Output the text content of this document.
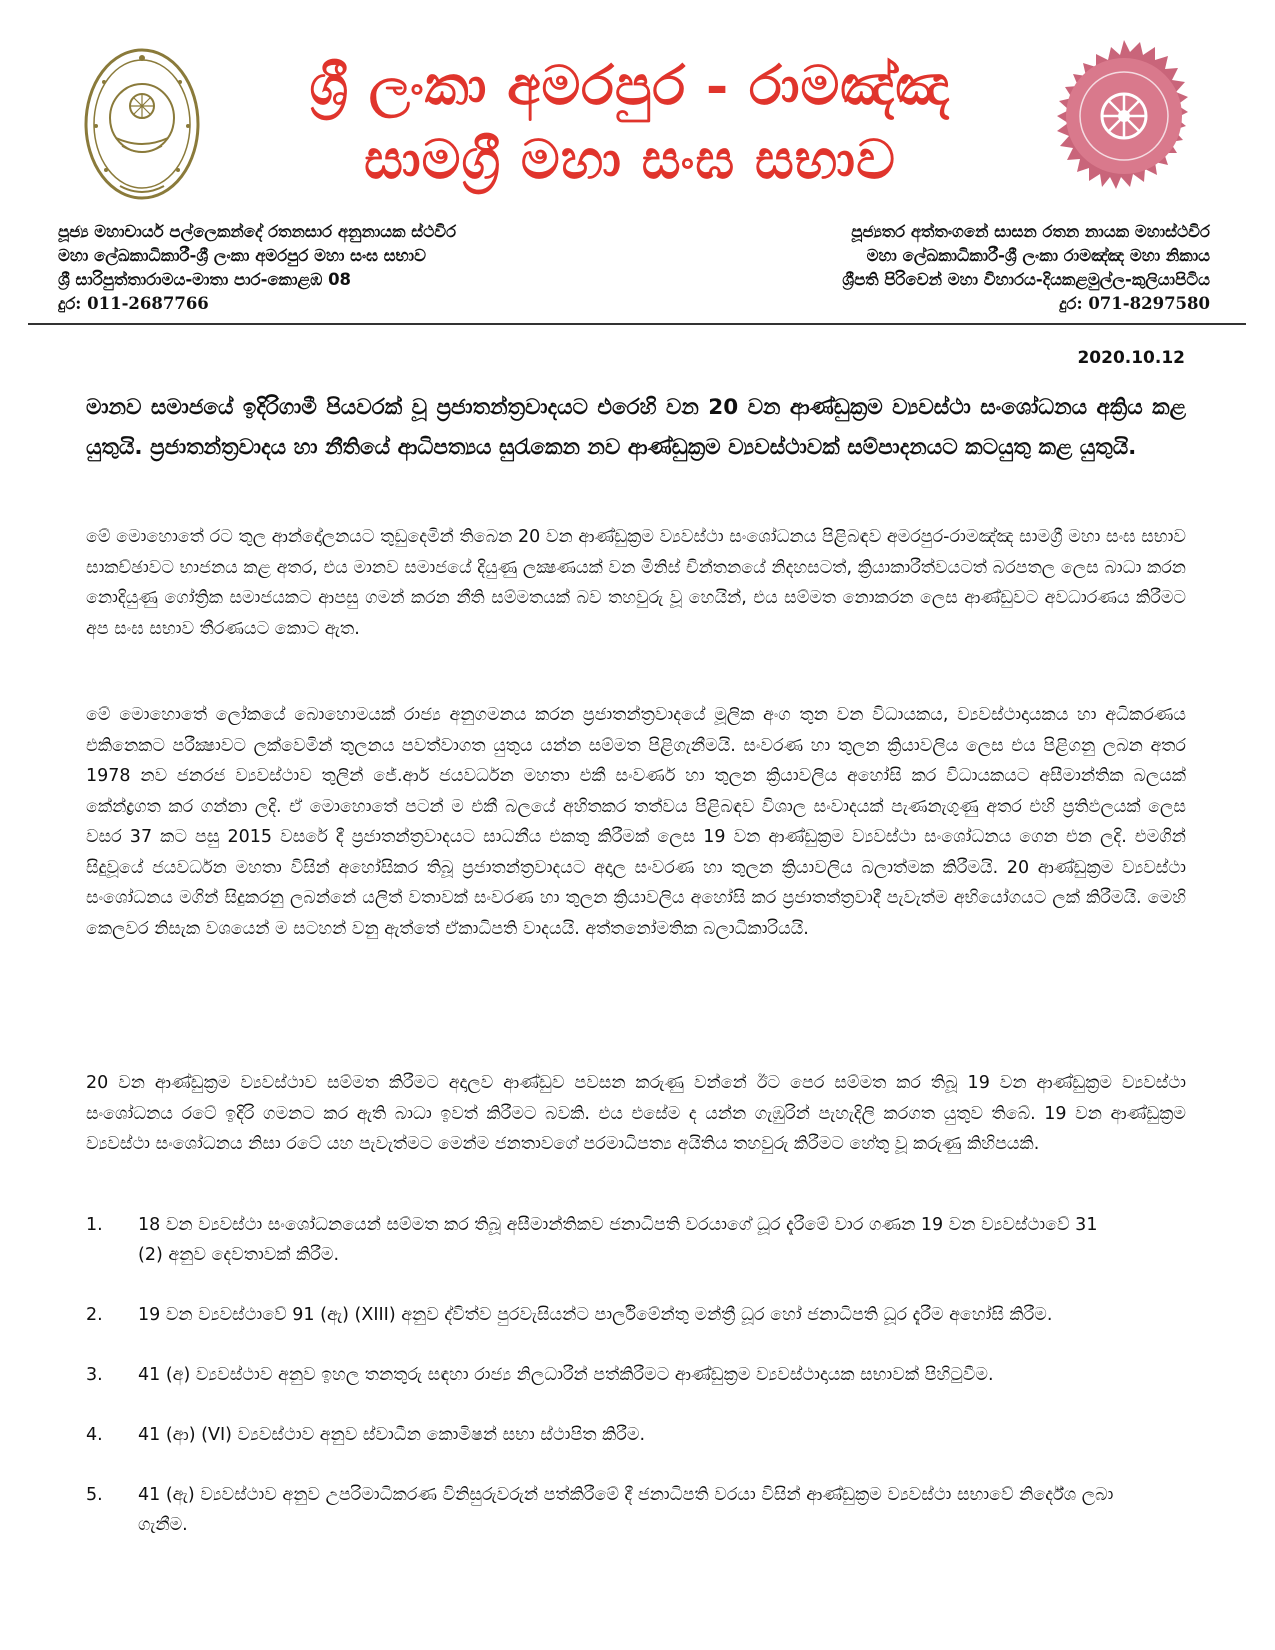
ශ්‍රී ලංකා අමරපුර - රාමඤ්ඤ
සාමග්‍රී මහා සංඝ සභාව
පූජ්‍ය මහාචාර්ය පල්ලෙකන්දේ රතනසාර අනුනායක ස්ථවිර
මහා ලේඛකාධිකාරී-ශ්‍රී ලංකා අමරපුර මහා සංඝ සභාව
ශ්‍රී සාරිපුත්තාරාමය-මාතා පාර-කොළඹ 08
දුර: 011-2687766
පූජ්‍යතර අත්තංගනේ සාසන රතන නායක මහාස්ථවිර
මහා ලේඛකාධිකාරී-ශ්‍රී ලංකා රාමඤ්ඤ මහා නිකාය
ශ්‍රීපති පිරිවෙන් මහා විහාරය-දියකළමුල්ල-කුලියාපිටිය
දුර: 071-8297580
2020.10.12
මානව සමාජයේ ඉදිරිගාමී පියවරක් වූ ප්‍රජාතන්ත්‍රවාදයට එරෙහි වන 20 වන ආණ්ඩුක්‍රම ව්‍යවස්ථා සංශෝධනය අක්‍රිය කළ යුතුයි. ප්‍රජාතන්ත්‍රවාදය හා නීතියේ ආධිපත්‍යය සුරැකෙන නව ආණ්ඩුක්‍රම ව්‍යවස්ථාවක් සම්පාදනයට කටයුතු කළ යුතුයි.

මේ මොහොතේ රට තුල ආන්දෝලනයට තුඩුදෙමින් තිබෙන 20 වන ආණ්ඩුක්‍රම ව්‍යවස්ථා සංශෝධනය පිළිබඳව අමරපුර-රාමඤ්ඤ සාමග්‍රී මහා සංඝ සභාව සාකච්ඡාවට භාජනය කළ අතර, එය මානව සමාජයේ දියුණු ලක්‍ෂණයක් වන මිනිස් චින්තනයේ නිදහසටත්, ක්‍රියාකාරීත්වයටත් බරපතල ලෙස බාධා කරන නොදියුණු ගෝත්‍රික සමාජයකට ආපසු ගමන් කරන නීති සම්මතයක් බව තහවුරු වූ හෙයින්, එය සම්මත නොකරන ලෙස ආණ්ඩුවට අවධාරණය කිරීමට අප සංඝ සභාව තීරණයට කොට ඇත.

මේ මොහොතේ ලෝකයේ බොහොමයක් රාජ්‍ය අනුගමනය කරන ප්‍රජාතන්ත්‍රවාදයේ මූලික අංග තුන වන විධායකය, ව්‍යවස්ථාදායකය හා අධිකරණය එකිනෙකට පරීක්‍ෂාවට ලක්වෙමින් තුලනය පවත්වාගත යුතුය යන්න සම්මත පිළිගැනීමයි. සංවරණ හා තුලන ක්‍රියාවලිය ලෙස එය පිළිගනු ලබන අතර 1978 නව ජනරජ ව්‍යවස්ථාව තුලින් ජේ.ආර් ජයවර්ධන මහතා එකී සංවර්ණ හා තුලන ක්‍රියාවලිය අහෝසි කර විධායකයට අසීමාන්තික බලයක් කේන්ද්‍රගත කර ගන්නා ලදි. ඒ මොහොතේ පටන් ම එකී බලයේ අහිතකර තත්වය පිළිබඳව විශාල සංවාදයක් පැණනැගුණු අතර එහි ප්‍රතිඵලයක් ලෙස වසර 37 කට පසු 2015 වසරේ දී ප්‍රජාතන්ත්‍රවාදයට සාධනීය එකතු කිරීමක් ලෙස 19 වන ආණ්ඩුක්‍රම ව්‍යවස්ථා සංශෝධනය ගෙන එන ලදි. එමගින් සිදුවූයේ ජයවර්ධන මහතා විසින් අහෝසිකර තිබූ ප්‍රජාතන්ත්‍රවාදයට අදාල සංවරණ හා තුලන ක්‍රියාවලිය බලාත්මක කිරීමයි. 20 ආණ්ඩුක්‍රම ව්‍යවස්ථා සංශෝධනය මගින් සිදුකරනු ලබන්නේ යලිත් වතාවක් සංවරණ හා තුලන ක්‍රියාවලිය අහෝසි කර ප්‍රජාතත්ත්‍රවාදී පැවැත්ම අභියෝගයට ලක් කිරීමයි. මෙහි කෙලවර නිසැක වශයෙන් ම සටහන් වනු ඇත්තේ ඒකාධිපති වාදයයි. අත්තනෝමතික බලාධිකාරියයි.

20 වන ආණ්ඩුක්‍රම ව්‍යවස්ථාව සම්මත කිරීමට අදාලව ආණ්ඩුව පවසන කරුණු වන්නේ ඊට පෙර සම්මත කර තිබූ 19 වන ආණ්ඩුක්‍රම ව්‍යවස්ථා සංශෝධනය රටේ ඉදිරි ගමනට කර ඇති බාධා ඉවත් කිරීමට බවකි. එය එසේම ද යන්න ගැඹුරින් පැහැදිලි කරගත යුතුව තිබේ. 19 වන ආණ්ඩුක්‍රම ව්‍යවස්ථා සංශෝධනය නිසා රටේ යහ පැවැත්මට මෙන්ම ජනතාවගේ පරමාධිපත්‍ය අයිතිය තහවුරු කිරීමට හේතු වූ කරුණු කිහිපයකි.

1.	18 වන ව්‍යවස්ථා සංශෝධනයෙන් සම්මත කර තිබූ අසීමාන්තිකව ජනාධිපති වරයාගේ ධූර දැරීමේ වාර ගණන 19 වන ව්‍යවස්ථාවේ 31 (2) අනුව දෙවතාවක් කිරීම.
2.	19 වන ව්‍යවස්ථාවේ 91 (ඇ) (XIII) අනුව ද්විත්ව පුරවැසියන්ට පාර්ලිමේන්තු මන්ත්‍රී ධූර හෝ ජනාධිපති ධූර දැරීම අහෝසි කිරීම.
3.	41 (අ) ව්‍යවස්ථාව අනුව ඉහල තනතුරු සඳහා රාජ්‍ය නිලධාරීන් පත්කිරීමට ආණ්ඩුක්‍රම ව්‍යවස්ථාදායක සභාවක් පිහිටුවීම.
4.	41 (ආ) (VI) ව්‍යවස්ථාව අනුව ස්වාධීන කොමිෂන් සභා ස්ථාපිත කිරීම.
5.	41 (ඇ) ව්‍යවස්ථාව අනුව උපරිමාධිකරණ විනිසුරුවරුන් පත්කිරීමේ දී ජනාධිපති වරයා විසින් ආණ්ඩුක්‍රම ව්‍යවස්ථා සභාවේ නිර්දේශ ලබා ගැනීම.
